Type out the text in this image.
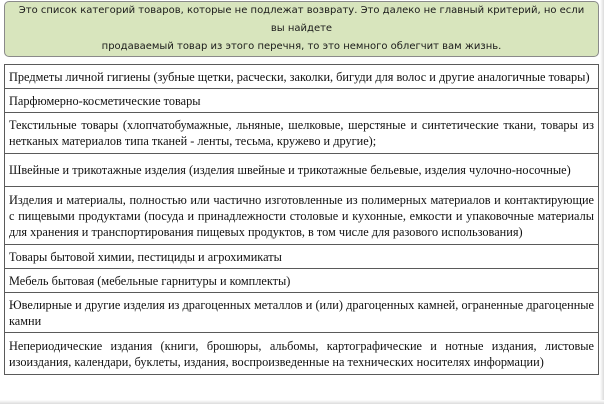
Это список категорий товаров, которые не подлежат возврату. Это далеко не главный критерий, но если вы найдете
продаваемый товар из этого перечня, то это немного облегчит вам жизнь.
Предметы личной гигиены (зубные щетки, расчески, заколки, бигуди для волос и другие аналогичные товары)
Парфюмерно-косметические товары
Текстильные товары (хлопчатобумажные, льняные, шелковые, шерстяные и синтетические ткани, товары из нетканых материалов типа тканей - ленты, тесьма, кружево и другие);
Швейные и трикотажные изделия (изделия швейные и трикотажные бельевые, изделия чулочно-носочные)
Изделия и материалы, полностью или частично изготовленные из полимерных материалов и контактирующие с пищевыми продуктами (посуда и принадлежности столовые и кухонные, емкости и упаковочные материалы для хранения и транспортирования пищевых продуктов, в том числе для разового использования)
Товары бытовой химии, пестициды и агрохимикаты
Мебель бытовая (мебельные гарнитуры и комплекты)
Ювелирные и другие изделия из драгоценных металлов и (или) драгоценных камней, ограненные драгоценные камни
Непериодические издания (книги, брошюры, альбомы, картографические и нотные издания, листовые изоиздания, календари, буклеты, издания, воспроизведенные на технических носителях информации)
